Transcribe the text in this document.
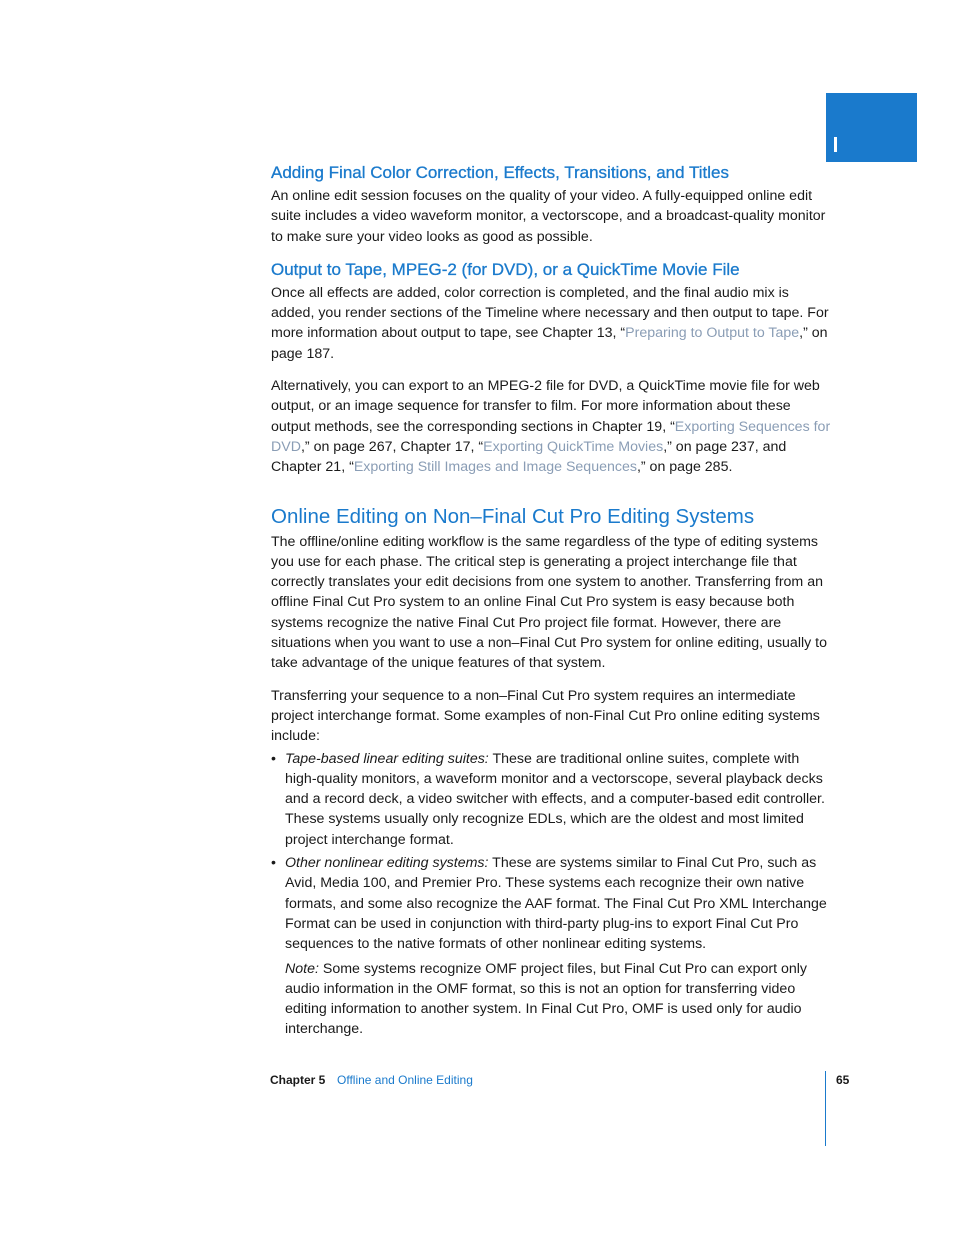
Adding Final Color Correction, Effects, Transitions, and Titles

An online edit session focuses on the quality of your video. A fully-equipped online edit suite includes a video waveform monitor, a vectorscope, and a broadcast-quality monitor to make sure your video looks as good as possible.

Output to Tape, MPEG-2 (for DVD), or a QuickTime Movie File

Once all effects are added, color correction is completed, and the final audio mix is added, you render sections of the Timeline where necessary and then output to tape. For more information about output to tape, see Chapter 13, “Preparing to Output to Tape,” on page 187.

Alternatively, you can export to an MPEG-2 file for DVD, a QuickTime movie file for web output, or an image sequence for transfer to film. For more information about these output methods, see the corresponding sections in Chapter 19, “Exporting Sequences for DVD,” on page 267, Chapter 17, “Exporting QuickTime Movies,” on page 237, and Chapter 21, “Exporting Still Images and Image Sequences,” on page 285.

Online Editing on Non–Final Cut Pro Editing Systems

The offline/online editing workflow is the same regardless of the type of editing systems you use for each phase. The critical step is generating a project interchange file that correctly translates your edit decisions from one system to another. Transferring from an offline Final Cut Pro system to an online Final Cut Pro system is easy because both systems recognize the native Final Cut Pro project file format. However, there are situations when you want to use a non–Final Cut Pro system for online editing, usually to take advantage of the unique features of that system.

Transferring your sequence to a non–Final Cut Pro system requires an intermediate project interchange format. Some examples of non-Final Cut Pro online editing systems include:

• Tape-based linear editing suites: These are traditional online suites, complete with high-quality monitors, a waveform monitor and a vectorscope, several playback decks and a record deck, a video switcher with effects, and a computer-based edit controller. These systems usually only recognize EDLs, which are the oldest and most limited project interchange format.
• Other nonlinear editing systems: These are systems similar to Final Cut Pro, such as Avid, Media 100, and Premier Pro. These systems each recognize their own native formats, and some also recognize the AAF format. The Final Cut Pro XML Interchange Format can be used in conjunction with third-party plug-ins to export Final Cut Pro sequences to the native formats of other nonlinear editing systems.

Note: Some systems recognize OMF project files, but Final Cut Pro can export only audio information in the OMF format, so this is not an option for transferring video editing information to another system. In Final Cut Pro, OMF is used only for audio interchange.

Chapter 5 Offline and Online Editing	65
